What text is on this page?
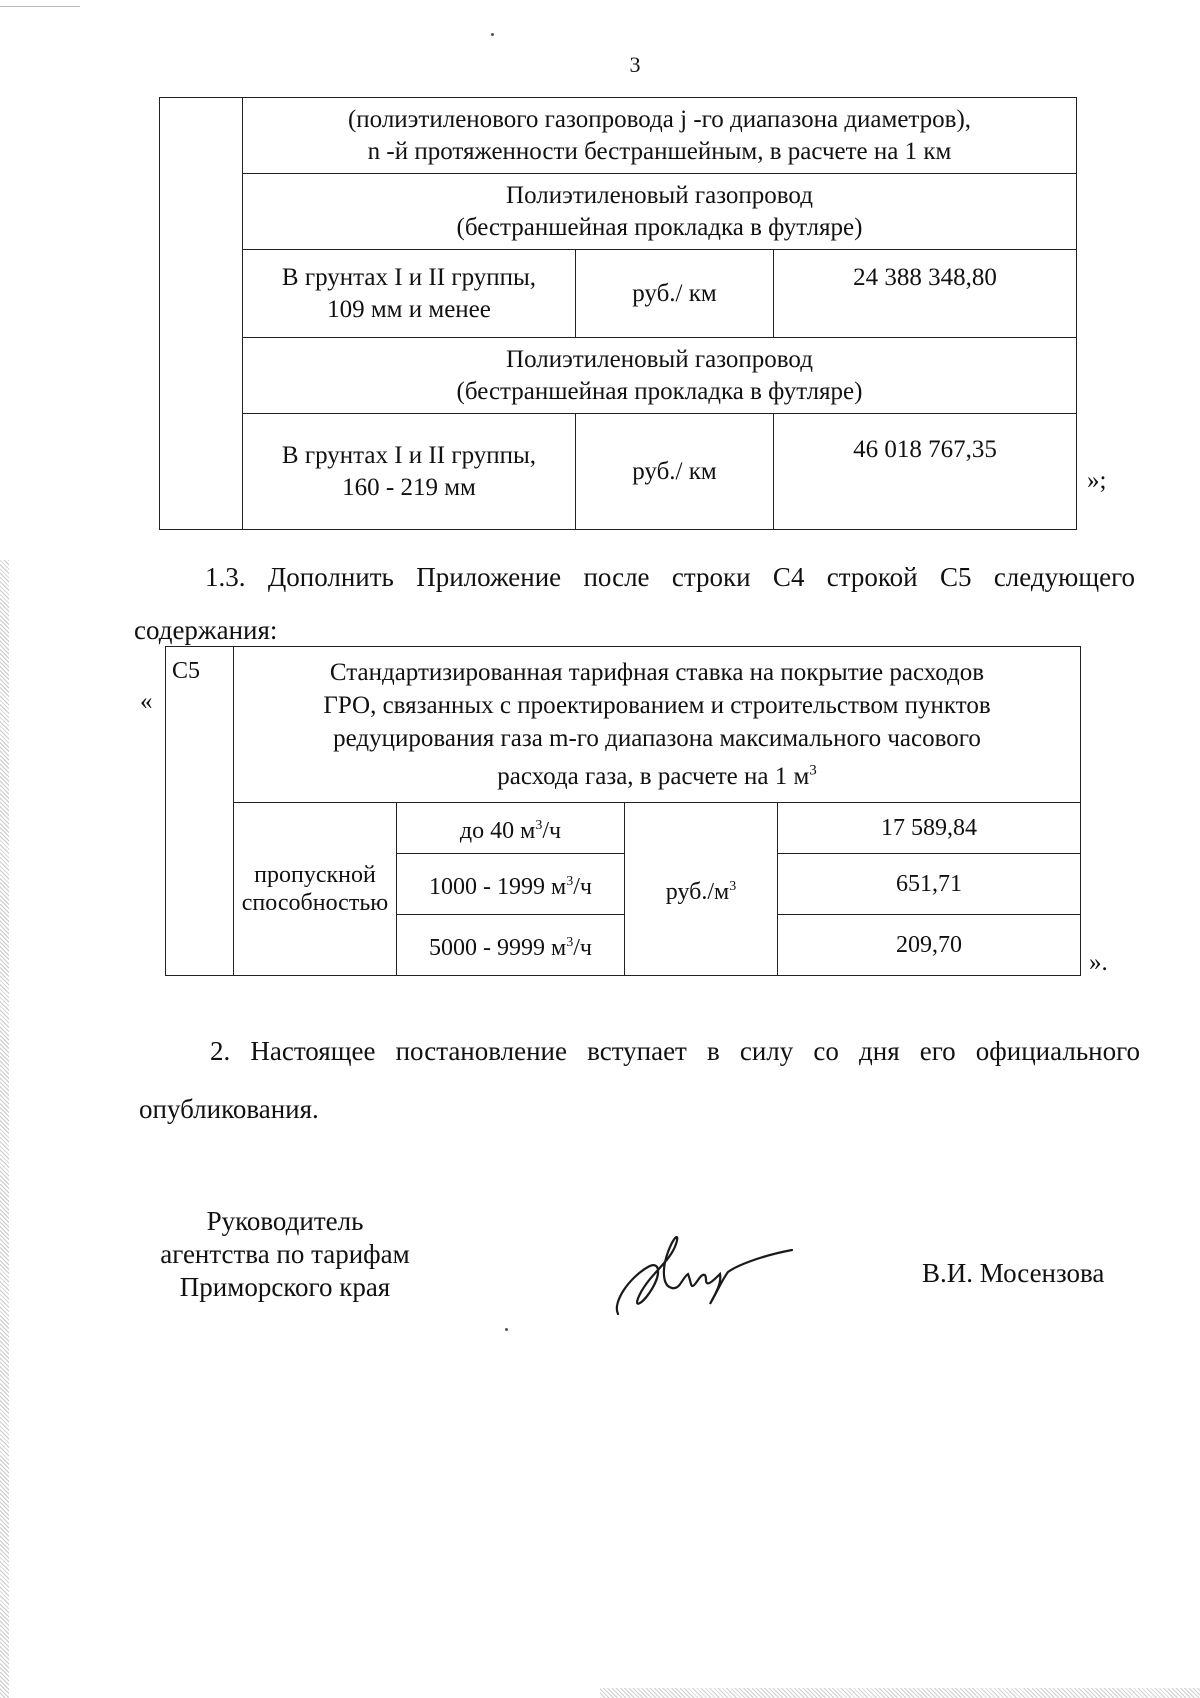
3
	(полиэтиленового газопровода j -го диапазона диаметров),
n -й протяженности бестраншейным, в расчете на 1 км		
	Полиэтиленовый газопровод
(бестраншейная прокладка в футляре)		
	В грунтах I и II группы,
109 мм и менее	руб./ км	24 388 348,80
	Полиэтиленовый газопровод
(бестраншейная прокладка в футляре)		
	В грунтах I и II группы,
160 - 219 мм	руб./ км	46 018 767,35
»;
1.3. Дополнить Приложение после строки С4 строкой С5 следующего
содержания:
«
С5	Стандартизированная тарифная ставка на покрытие расходов
ГРО, связанных с проектированием и строительством пунктов
редуцирования газа m-го диапазона максимального часового
расхода газа, в расчете на 1 $м^3$
	пропускной
способностью	до 40 $м^3/ч$	$руб./м^3$	17 589,84
		1000 - 1999 $м^3/ч$		651,71
		5000 - 9999 $м^3/ч$		209,70
».
2. Настоящее постановление вступает в силу со дня его официального
опубликования.
Руководитель
агентства по тарифам
Приморского края	В.И. Мосензова
